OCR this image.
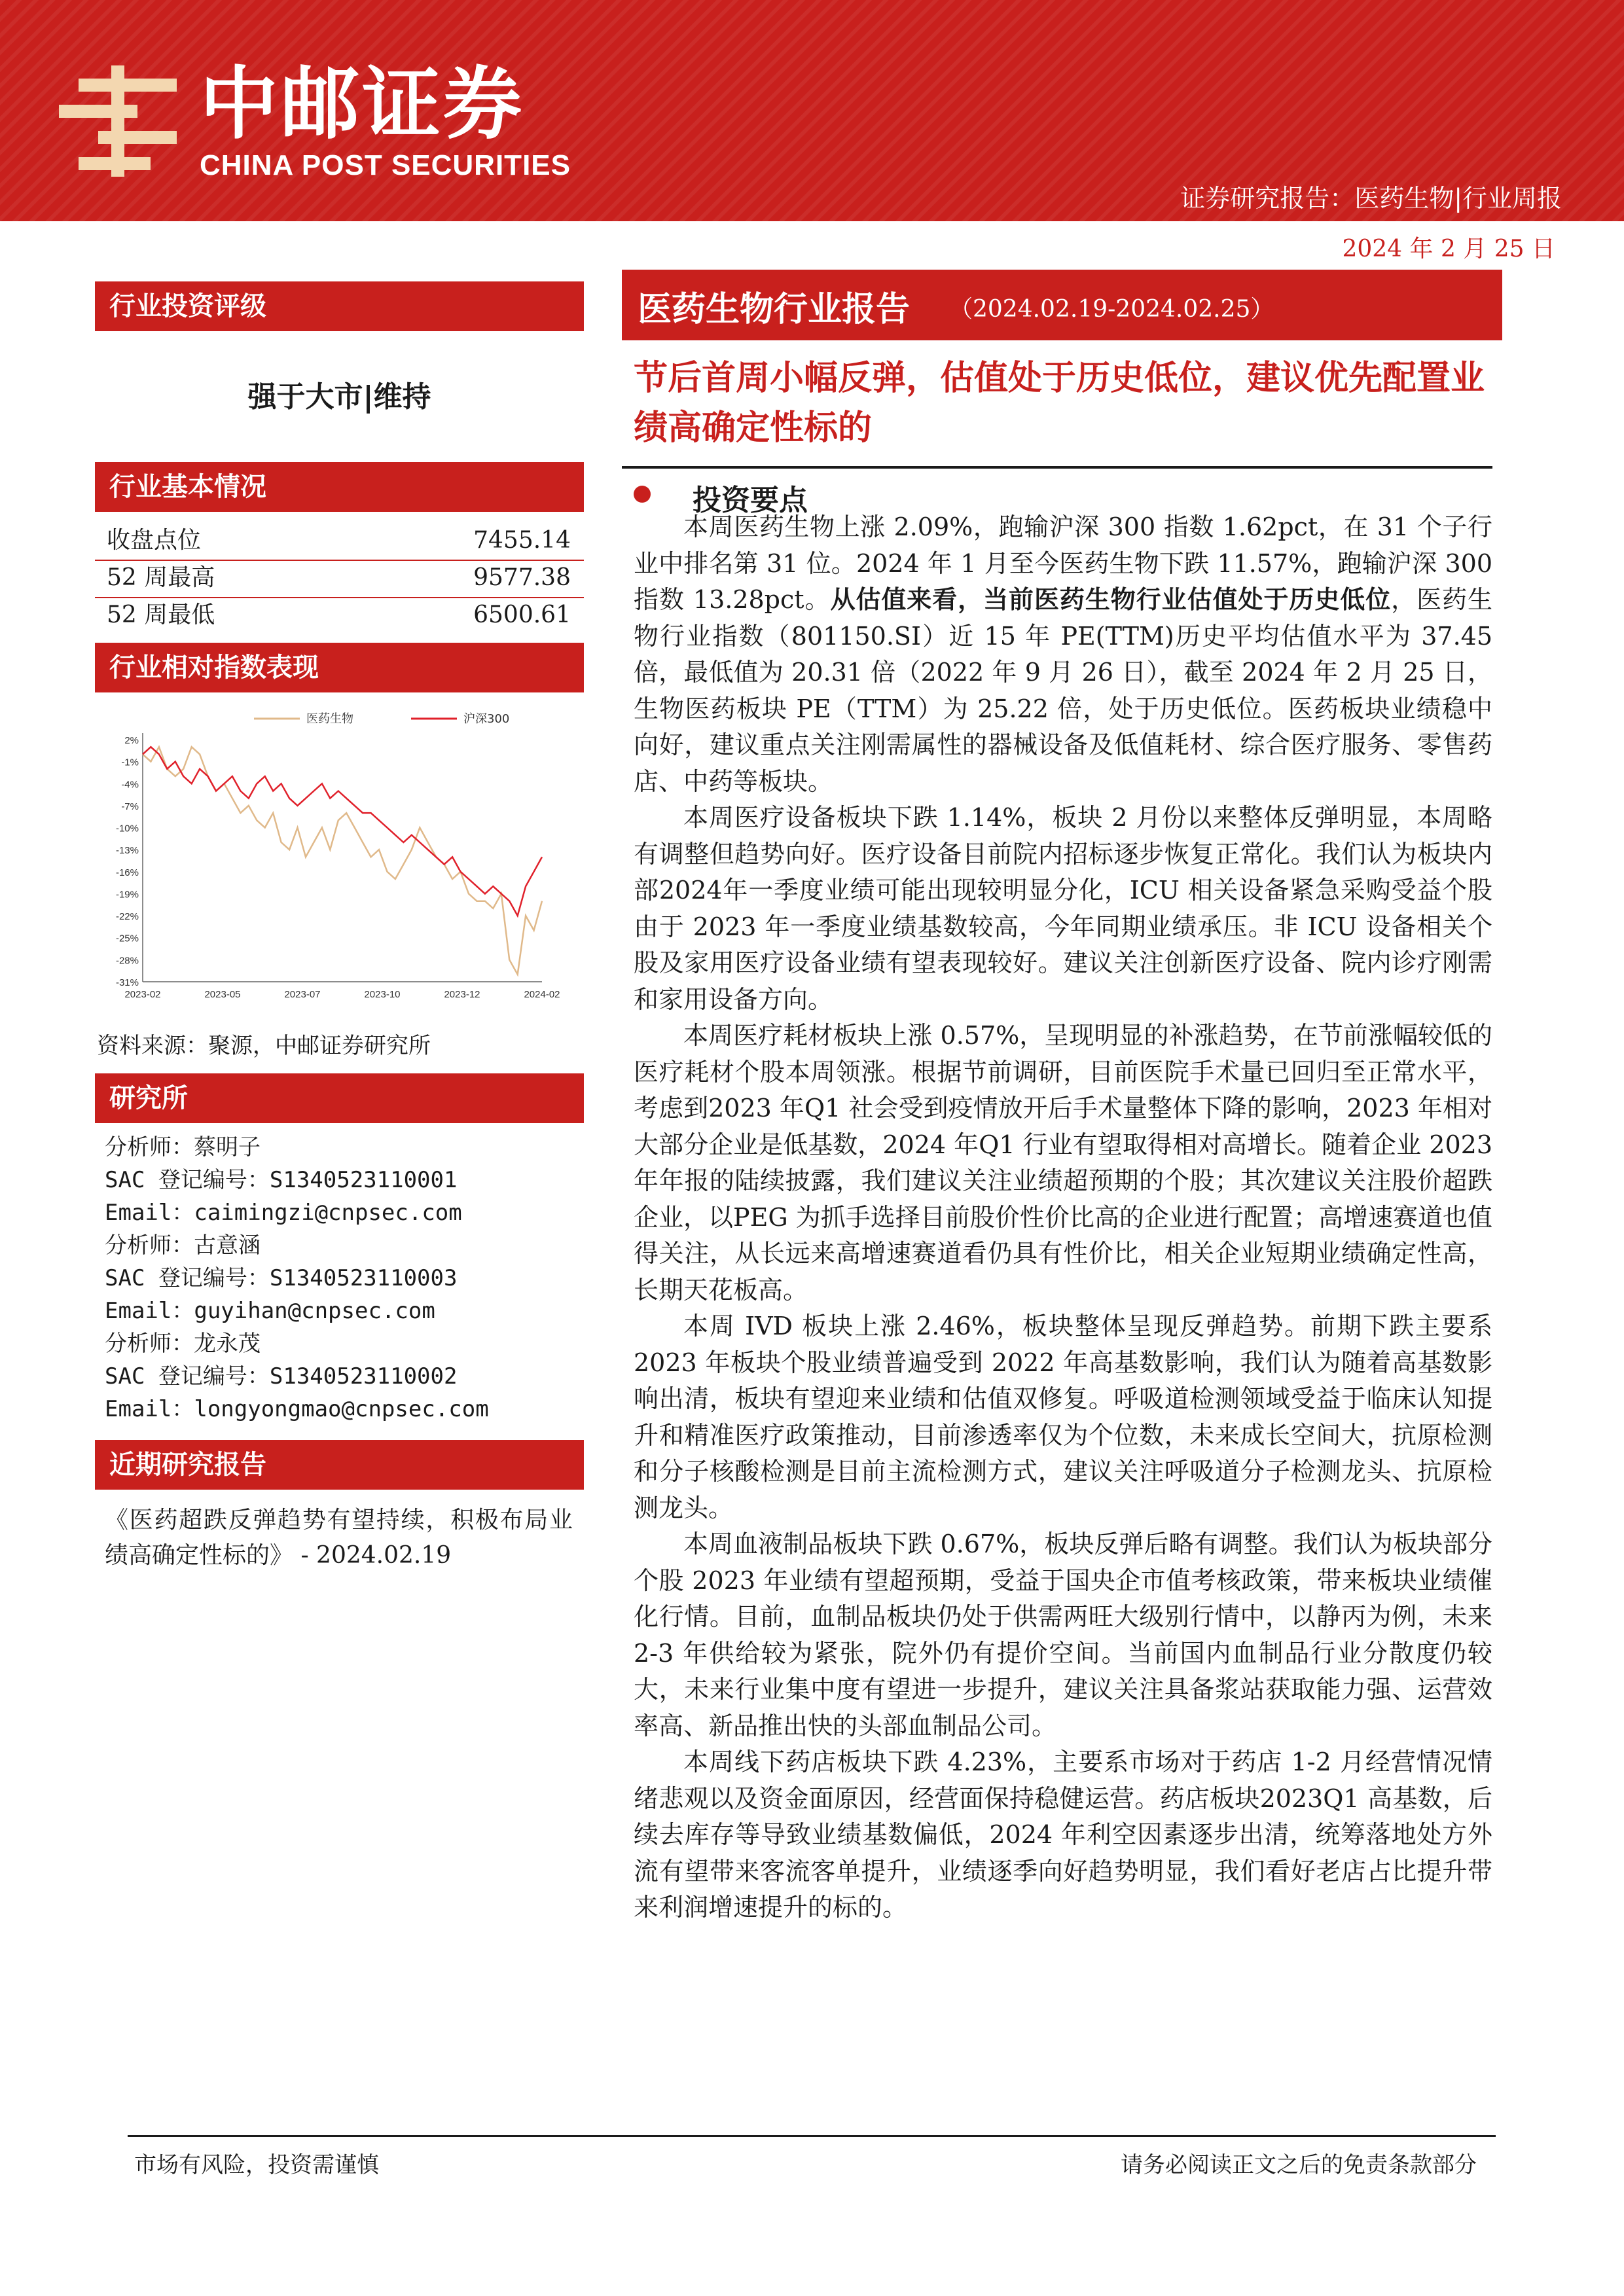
中邮证券
CHINA POST SECURITIES
证券研究报告：医药生物|行业周报
2024 年 2 月 25 日
行业投资评级
强于大市|维持
行业基本情况
收盘点位	7455.14
52 周最高	9577.38
52 周最低	6500.61
行业相对指数表现
2%
-1%
-4%
-7%
-10%
-13%
-16%
-19%
-22%
-25%
-28%
-31%
2023-02	2023-05	2023-07	2023-10	2023-12	2024-02
医药生物	沪深300
资料来源：聚源，中邮证券研究所
研究所
分析师：蔡明子
SAC 登记编号：S1340523110001
Email：caimingzi@cnpsec.com
分析师：古意涵
SAC 登记编号：S1340523110003
Email：guyihan@cnpsec.com
分析师：龙永茂
SAC 登记编号：S1340523110002
Email：longyongmao@cnpsec.com
近期研究报告
《医药超跌反弹趋势有望持续，积极布局业绩高确定性标的》 - 2024.02.19
医药生物行业报告 （2024.02.19-2024.02.25）
节后首周小幅反弹，估值处于历史低位，建议优先配置业绩高确定性标的
投资要点

本周医药生物上涨 2.09%，跑输沪深 300 指数 1.62pct，在 31 个子行业中排名第 31 位。2024 年 1 月至今医药生物下跌 11.57%，跑输沪深 300 指数 13.28pct。从估值来看，当前医药生物行业估值处于历史低位，医药生物行业指数（801150.SI）近 15 年 PE(TTM)历史平均估值水平为 37.45 倍，最低值为 20.31 倍（2022 年 9 月 26 日），截至 2024 年 2 月 25 日，生物医药板块 PE（TTM）为 25.22 倍，处于历史低位。医药板块业绩稳中向好，建议重点关注刚需属性的器械设备及低值耗材、综合医疗服务、零售药店、中药等板块。

本周医疗设备板块下跌 1.14%，板块 2 月份以来整体反弹明显，本周略有调整但趋势向好。医疗设备目前院内招标逐步恢复正常化。我们认为板块内部2024年一季度业绩可能出现较明显分化，ICU 相关设备紧急采购受益个股由于 2023 年一季度业绩基数较高，今年同期业绩承压。非 ICU 设备相关个股及家用医疗设备业绩有望表现较好。建议关注创新医疗设备、院内诊疗刚需和家用设备方向。

本周医疗耗材板块上涨 0.57%，呈现明显的补涨趋势，在节前涨幅较低的医疗耗材个股本周领涨。根据节前调研，目前医院手术量已回归至正常水平，考虑到2023 年Q1 社会受到疫情放开后手术量整体下降的影响，2023 年相对大部分企业是低基数，2024 年Q1 行业有望取得相对高增长。随着企业 2023 年年报的陆续披露，我们建议关注业绩超预期的个股；其次建议关注股价超跌企业，以PEG 为抓手选择目前股价性价比高的企业进行配置；高增速赛道也值得关注，从长远来高增速赛道看仍具有性价比，相关企业短期业绩确定性高，长期天花板高。

本周 IVD 板块上涨 2.46%，板块整体呈现反弹趋势。前期下跌主要系 2023 年板块个股业绩普遍受到 2022 年高基数影响，我们认为随着高基数影响出清，板块有望迎来业绩和估值双修复。呼吸道检测领域受益于临床认知提升和精准医疗政策推动，目前渗透率仅为个位数，未来成长空间大，抗原检测和分子核酸检测是目前主流检测方式，建议关注呼吸道分子检测龙头、抗原检测龙头。

本周血液制品板块下跌 0.67%，板块反弹后略有调整。我们认为板块部分个股 2023 年业绩有望超预期，受益于国央企市值考核政策，带来板块业绩催化行情。目前，血制品板块仍处于供需两旺大级别行情中，以静丙为例，未来 2-3 年供给较为紧张，院外仍有提价空间。当前国内血制品行业分散度仍较大，未来行业集中度有望进一步提升，建议关注具备浆站获取能力强、运营效率高、新品推出快的头部血制品公司。

本周线下药店板块下跌 4.23%，主要系市场对于药店 1-2 月经营情况情绪悲观以及资金面原因，经营面保持稳健运营。药店板块2023Q1 高基数，后续去库存等导致业绩基数偏低，2024 年利空因素逐步出清，统筹落地处方外流有望带来客流客单提升，业绩逐季向好趋势明显，我们看好老店占比提升带来利润增速提升的标的。

市场有风险，投资需谨慎	请务必阅读正文之后的免责条款部分
